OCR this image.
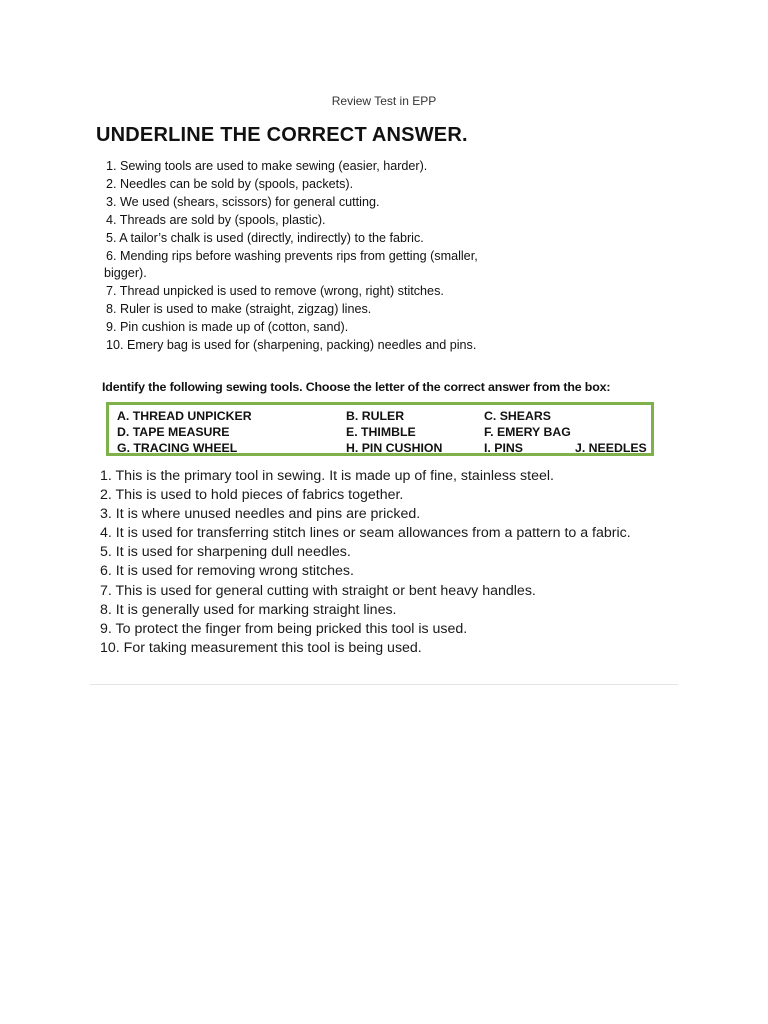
Review Test in EPP
UNDERLINE THE CORRECT ANSWER.
1. Sewing tools are used to make sewing (easier, harder).
2. Needles can be sold by (spools, packets).
3. We used (shears, scissors) for general cutting.
4. Threads are sold by (spools, plastic).
5. A tailor’s chalk is used (directly, indirectly) to the fabric.
6. Mending rips before washing prevents rips from getting (smaller,
bigger).
7. Thread unpicked is used to remove (wrong, right) stitches.
8. Ruler is used to make (straight, zigzag) lines.
9. Pin cushion is made up of (cotton, sand).
10. Emery bag is used for (sharpening, packing) needles and pins.
Identify the following sewing tools. Choose the letter of the correct answer from the box:
A. THREAD UNPICKER	B. RULER	C. SHEARS
D. TAPE MEASURE	E. THIMBLE	F. EMERY BAG
G. TRACING WHEEL	H. PIN CUSHION	I. PINS	J. NEEDLES
1. This is the primary tool in sewing. It is made up of fine, stainless steel.
2. This is used to hold pieces of fabrics together.
3. It is where unused needles and pins are pricked.
4. It is used for transferring stitch lines or seam allowances from a pattern to a fabric.
5. It is used for sharpening dull needles.
6. It is used for removing wrong stitches.
7. This is used for general cutting with straight or bent heavy handles.
8. It is generally used for marking straight lines.
9. To protect the finger from being pricked this tool is used.
10. For taking measurement this tool is being used.
